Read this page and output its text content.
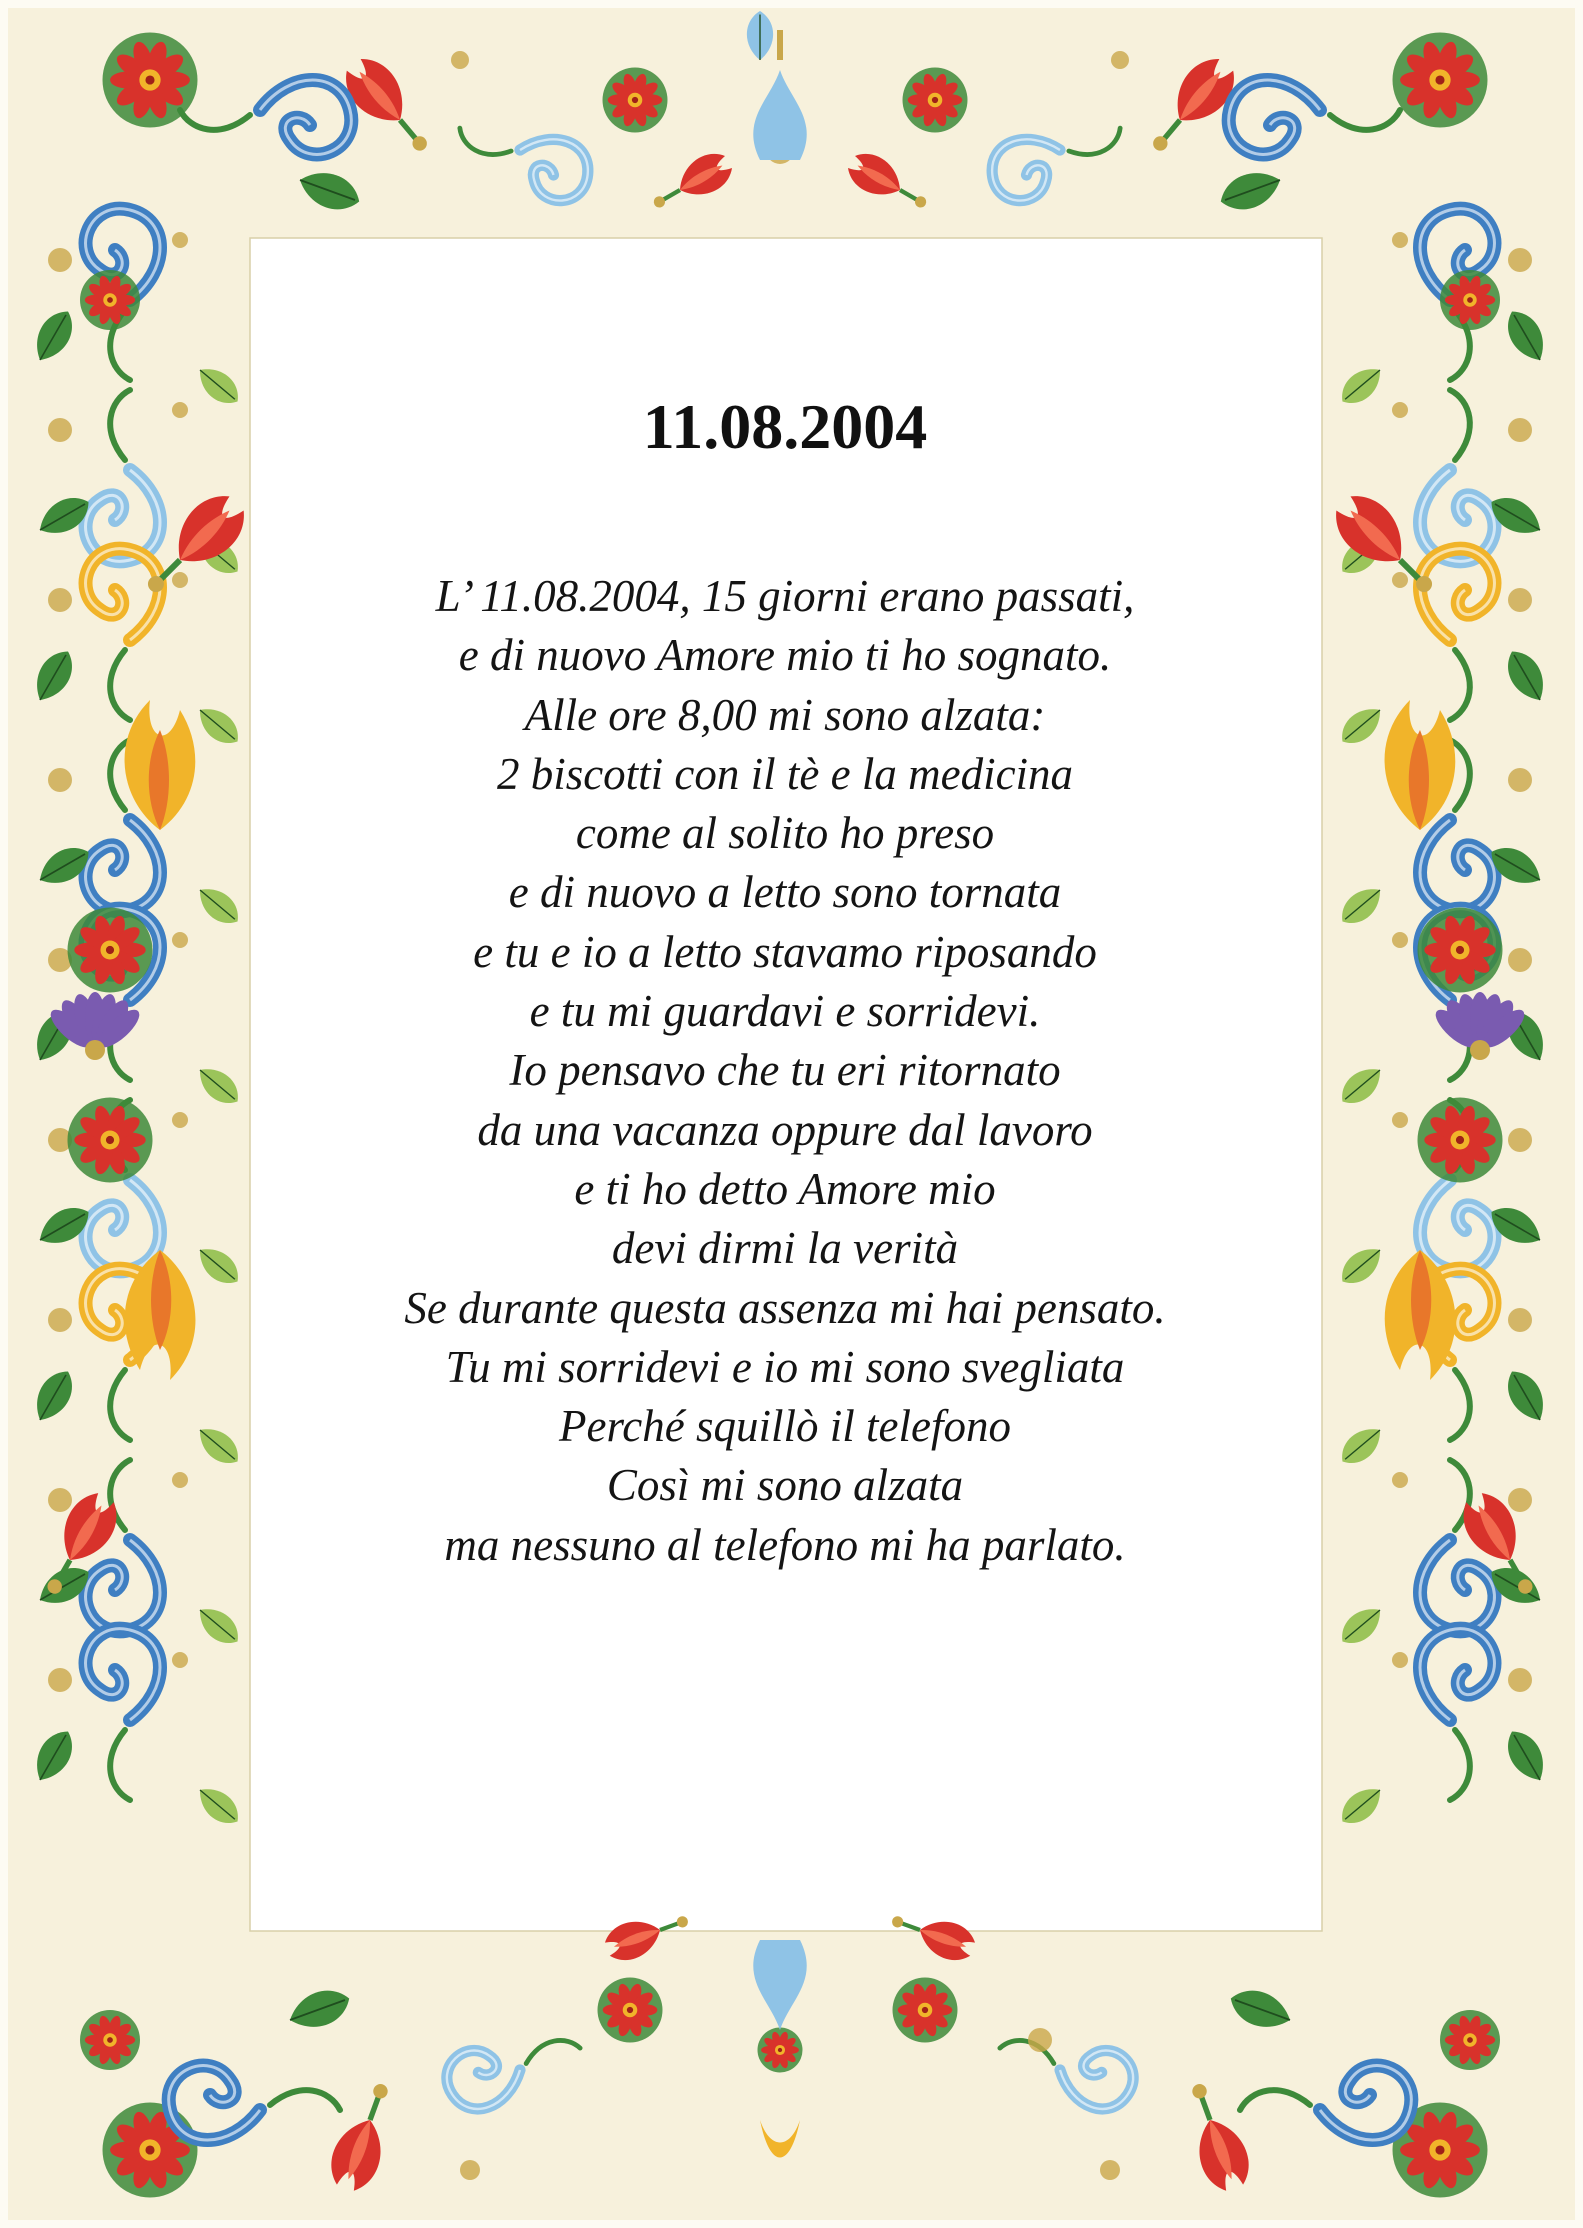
11.08.2004
L’ 11.08.2004, 15 giorni erano passati,
e di nuovo Amore mio ti ho sognato.
Alle ore 8,00 mi sono alzata:
2 biscotti con il tè e la medicina
come al solito ho preso
e di nuovo a letto sono tornata
e tu e io a letto stavamo riposando
e tu mi guardavi e sorridevi.
Io pensavo che tu eri ritornato
da una vacanza oppure dal lavoro
e ti ho detto Amore mio
devi dirmi la verità
Se durante questa assenza mi hai pensato.
Tu mi sorridevi e io mi sono svegliata
Perché squillò il telefono
Così mi sono alzata
ma nessuno al telefono mi ha parlato.
